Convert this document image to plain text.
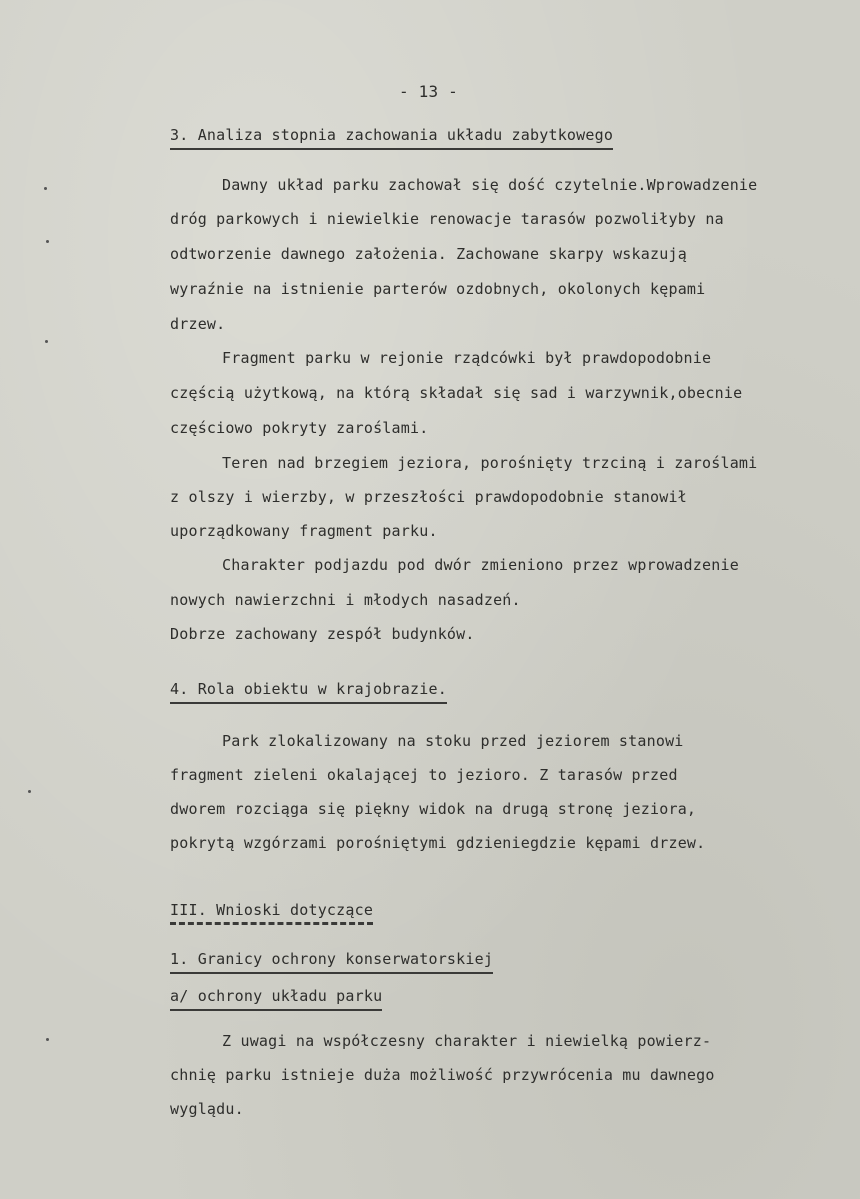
- 13 -
3. Analiza stopnia zachowania układu zabytkowego
Dawny układ parku zachował się dość czytelnie.Wprowadzenie
dróg parkowych i niewielkie renowacje tarasów pozwoliłyby na
odtworzenie dawnego założenia. Zachowane skarpy wskazują
wyraźnie na istnienie parterów ozdobnych, okolonych kępami
drzew.
Fragment parku w rejonie rządcówki był prawdopodobnie
częścią użytkową, na którą składał się sad i warzywnik,obecnie
częściowo pokryty zaroślami.
Teren nad brzegiem jeziora, porośnięty trzciną i zaroślami
z olszy i wierzby, w przeszłości prawdopodobnie stanowił
uporządkowany fragment parku.
Charakter podjazdu pod dwór zmieniono przez wprowadzenie
nowych nawierzchni i młodych nasadzeń.
Dobrze zachowany zespół budynków.
4. Rola obiektu w krajobrazie.
Park zlokalizowany na stoku przed jeziorem stanowi
fragment zieleni okalającej to jezioro. Z tarasów przed
dworem rozciąga się piękny widok na drugą stronę jeziora,
pokrytą wzgórzami porośniętymi gdzieniegdzie kępami drzew.
III. Wnioski dotyczące
1. Granicy ochrony konserwatorskiej
a/ ochrony układu parku
Z uwagi na współczesny charakter i niewielką powierz-
chnię parku istnieje duża możliwość przywrócenia mu dawnego
wyglądu.
